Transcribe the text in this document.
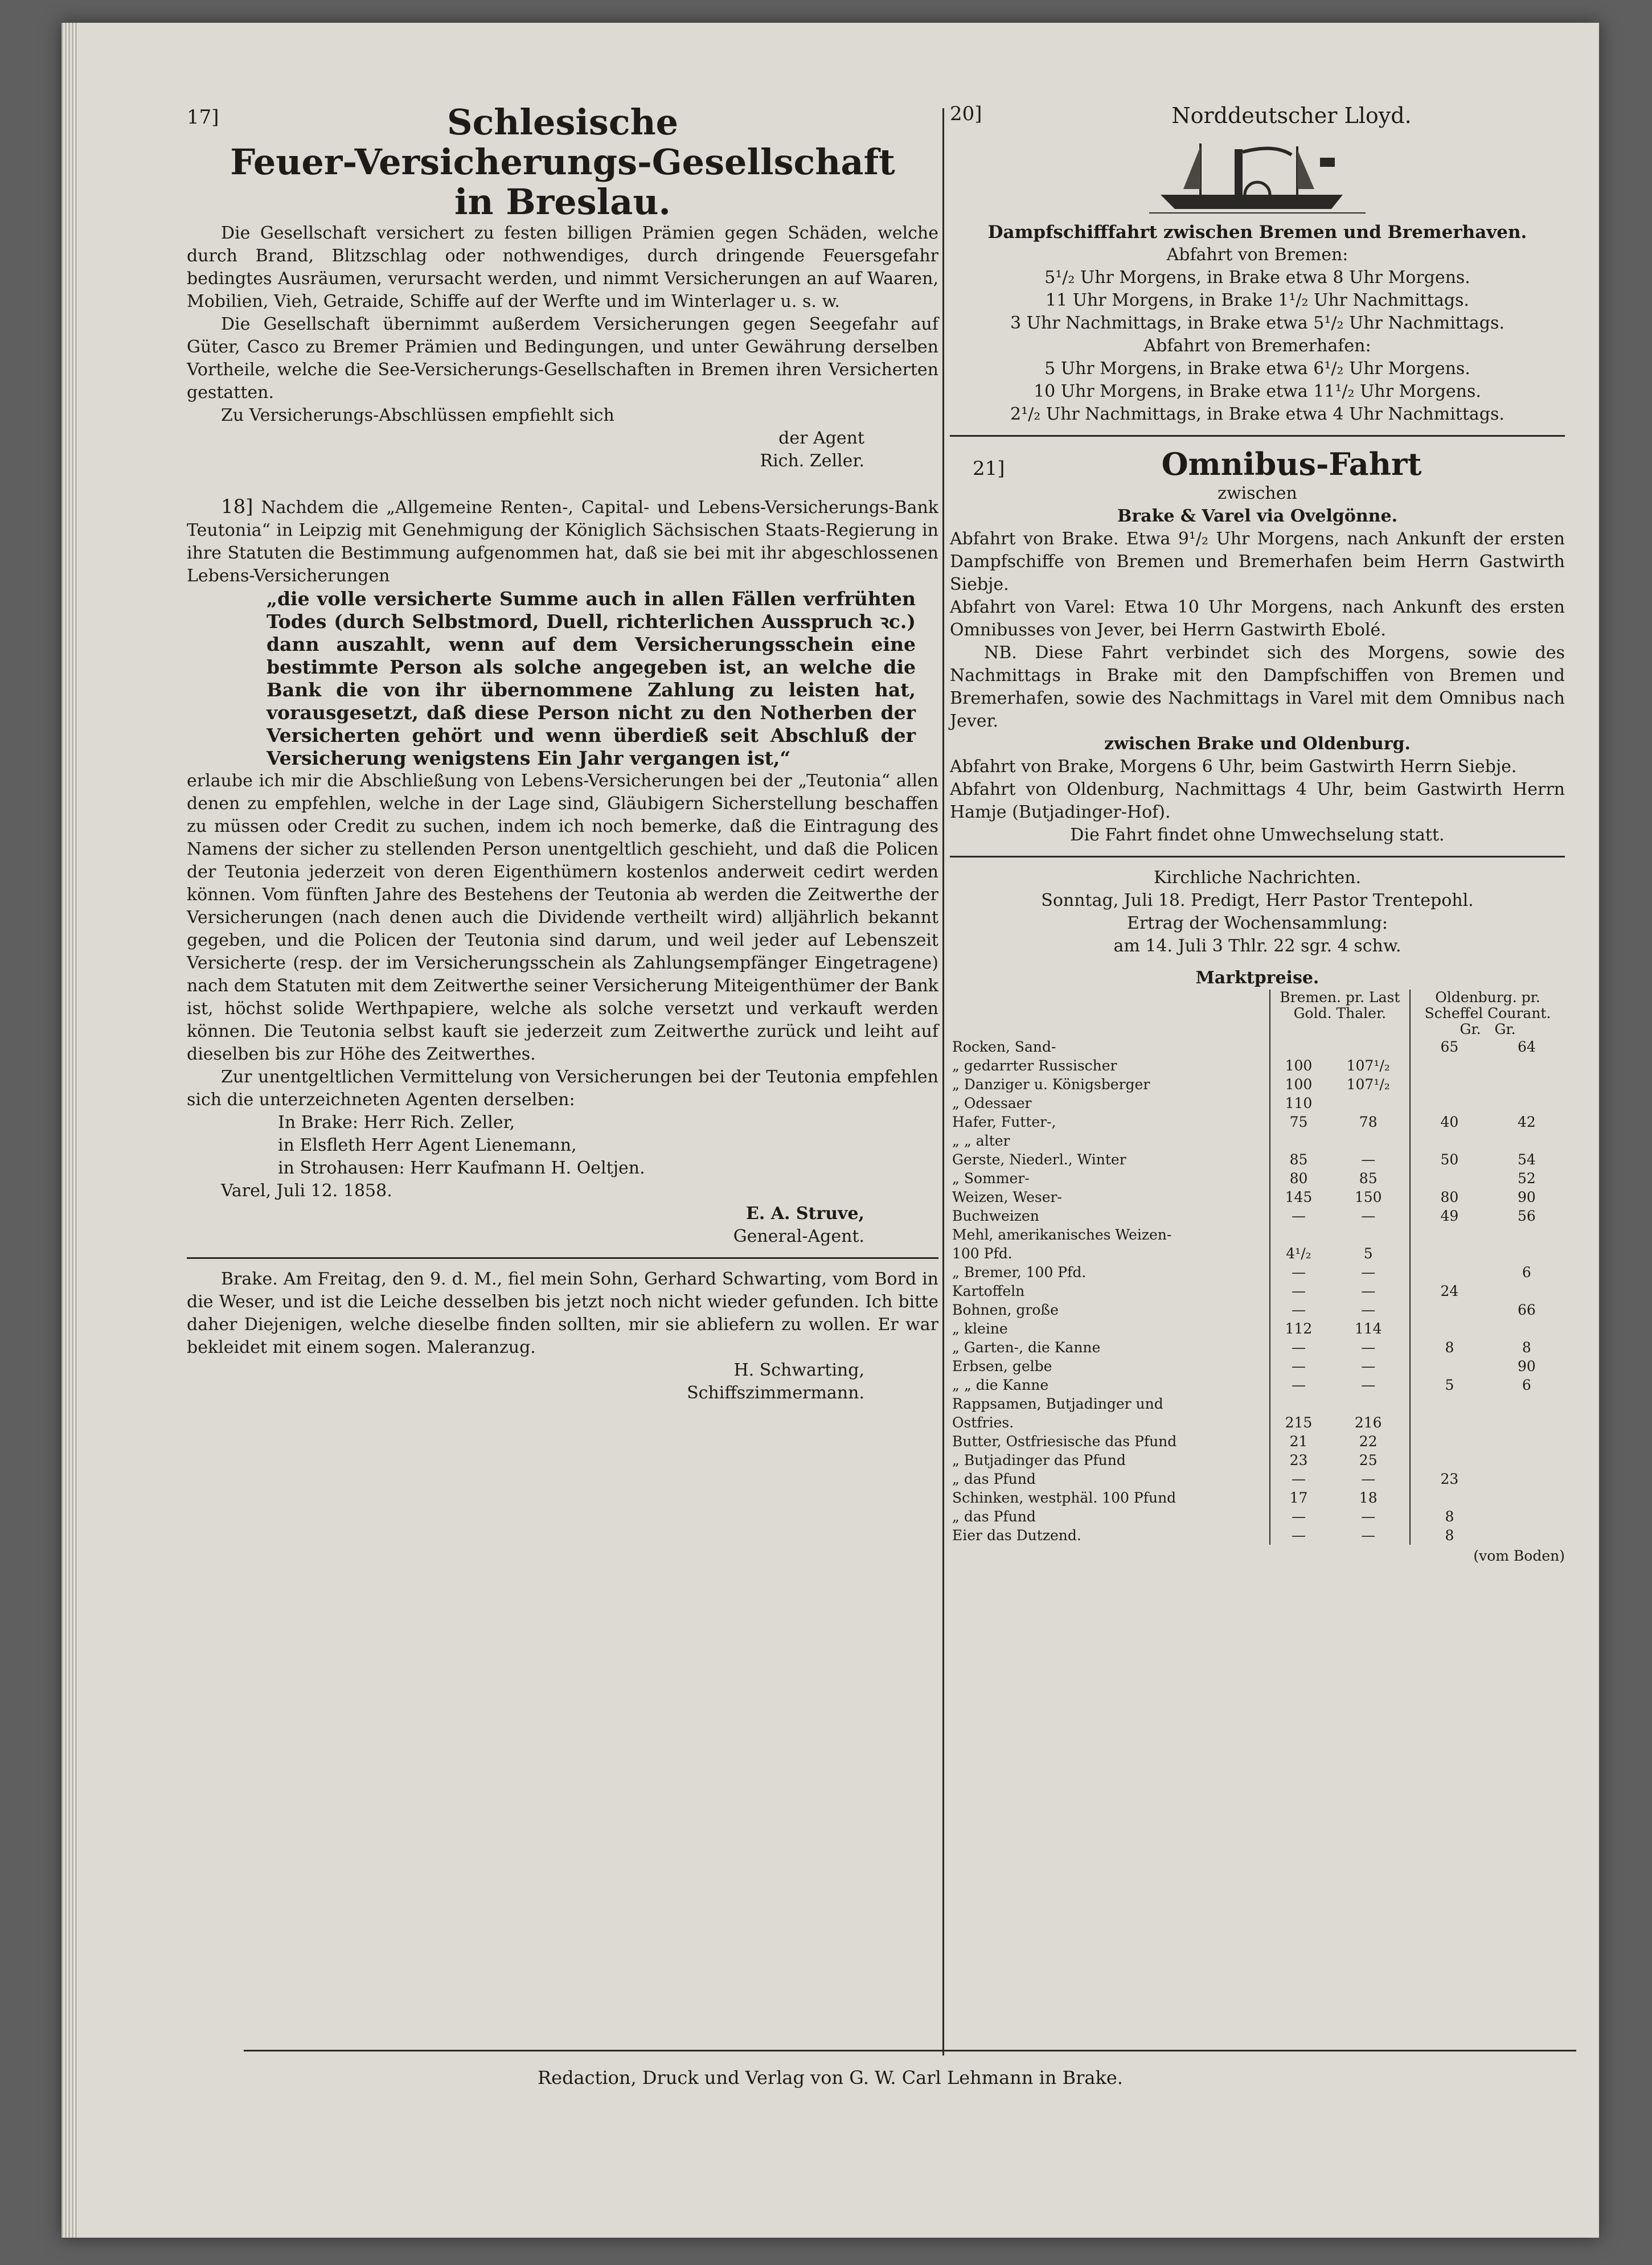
17]	Schlesische
Feuer-Versicherungs-Gesellschaft
in Breslau.

Die Gesellschaft versichert zu festen billigen Prämien gegen Schäden, welche durch Brand, Blitzschlag oder nothwendiges, durch dringende Feuersgefahr bedingtes Ausräumen, verursacht werden, und nimmt Versicherungen an auf Waaren, Mobilien, Vieh, Getraide, Schiffe auf der Werfte und im Winterlager u. s. w.

Die Gesellschaft übernimmt außerdem Versicherungen gegen Seegefahr auf Güter, Casco zu Bremer Prämien und Bedingungen, und unter Gewährung derselben Vortheile, welche die See-Versicherungs-Gesellschaften in Bremen ihren Versicherten gestatten.

Zu Versicherungs-Abschlüssen empfiehlt sich

der Agent
Rich. Zeller.

18] Nachdem die „Allgemeine Renten-, Capital- und Lebens-Versicherungs-Bank Teutonia“ in Leipzig mit Genehmigung der Königlich Sächsischen Staats-Regierung in ihre Statuten die Bestimmung aufgenommen hat, daß sie bei mit ihr abgeschlossenen Lebens-Versicherungen

„die volle versicherte Summe auch in allen Fällen verfrühten Todes (durch Selbstmord, Duell, richterlichen Ausspruch ꝛc.) dann auszahlt, wenn auf dem Versicherungsschein eine bestimmte Person als solche angegeben ist, an welche die Bank die von ihr übernommene Zahlung zu leisten hat, vorausgesetzt, daß diese Person nicht zu den Notherben der Versicherten gehört und wenn überdieß seit Abschluß der Versicherung wenigstens Ein Jahr vergangen ist,“

erlaube ich mir die Abschließung von Lebens-Versicherungen bei der „Teutonia“ allen denen zu empfehlen, welche in der Lage sind, Gläubigern Sicherstellung beschaffen zu müssen oder Credit zu suchen, indem ich noch bemerke, daß die Eintragung des Namens der sicher zu stellenden Person unentgeltlich geschieht, und daß die Policen der Teutonia jederzeit von deren Eigenthümern kostenlos anderweit cedirt werden können. Vom fünften Jahre des Bestehens der Teutonia ab werden die Zeitwerthe der Versicherungen (nach denen auch die Dividende vertheilt wird) alljährlich bekannt gegeben, und die Policen der Teutonia sind darum, und weil jeder auf Lebenszeit Versicherte (resp. der im Versicherungsschein als Zahlungsempfänger Eingetragene) nach dem Statuten mit dem Zeitwerthe seiner Versicherung Miteigenthümer der Bank ist, höchst solide Werthpapiere, welche als solche versetzt und verkauft werden können. Die Teutonia selbst kauft sie jederzeit zum Zeitwerthe zurück und leiht auf dieselben bis zur Höhe des Zeitwerthes.

Zur unentgeltlichen Vermittelung von Versicherungen bei der Teutonia empfehlen sich die unterzeichneten Agenten derselben:

In Brake: Herr Rich. Zeller,
in Elsfleth Herr Agent Lienemann,
in Strohausen: Herr Kaufmann H. Oeltjen.
Varel, Juli 12. 1858.
E. A. Struve,
General-Agent.

Brake. Am Freitag, den 9. d. M., fiel mein Sohn, Gerhard Schwarting, vom Bord in die Weser, und ist die Leiche desselben bis jetzt noch nicht wieder gefunden. Ich bitte daher Diejenigen, welche dieselbe finden sollten, mir sie abliefern zu wollen. Er war bekleidet mit einem sogen. Maleranzug.

H. Schwarting,
Schiffszimmermann.
20]	Norddeutscher Lloyd.
Dampfschifffahrt zwischen Bremen und Bremerhaven.
Abfahrt von Bremen:
5¹/₂ Uhr Morgens, in Brake etwa 8 Uhr Morgens.
11 Uhr Morgens, in Brake 1¹/₂ Uhr Nachmittags.
3 Uhr Nachmittags, in Brake etwa 5¹/₂ Uhr Nachmittags.
Abfahrt von Bremerhafen:
5 Uhr Morgens, in Brake etwa 6¹/₂ Uhr Morgens.
10 Uhr Morgens, in Brake etwa 11¹/₂ Uhr Morgens.
2¹/₂ Uhr Nachmittags, in Brake etwa 4 Uhr Nachmittags.
21]	Omnibus-Fahrt
zwischen
Brake & Varel via Ovelgönne.

Abfahrt von Brake. Etwa 9¹/₂ Uhr Morgens, nach Ankunft der ersten Dampfschiffe von Bremen und Bremerhafen beim Herrn Gastwirth Siebje.

Abfahrt von Varel: Etwa 10 Uhr Morgens, nach Ankunft des ersten Omnibusses von Jever, bei Herrn Gastwirth Ebolé.

NB. Diese Fahrt verbindet sich des Morgens, sowie des Nachmittags in Brake mit den Dampfschiffen von Bremen und Bremerhafen, sowie des Nachmittags in Varel mit dem Omnibus nach Jever.

zwischen Brake und Oldenburg.

Abfahrt von Brake, Morgens 6 Uhr, beim Gastwirth Herrn Siebje.

Abfahrt von Oldenburg, Nachmittags 4 Uhr, beim Gastwirth Herrn Hamje (Butjadinger-Hof).

Die Fahrt findet ohne Umwechselung statt.
Kirchliche Nachrichten.
Sonntag, Juli 18. Predigt, Herr Pastor Trentepohl.
Ertrag der Wochensammlung:
am 14. Juli 3 Thlr. 22 sgr. 4 schw.
Marktpreise.
	Bremen. pr. Last Gold. Thaler.		Oldenburg. pr. Scheffel Courant.
Gr. Gr.	
Rocken, Sand-			65	64
„ gedarrter Russischer	100	107¹/₂		
„ Danziger u. Königsberger	100	107¹/₂		
„ Odessaer	110			
Hafer, Futter-,	75	78	40	42
„ „ alter				
Gerste, Niederl., Winter	85	—	50	54
„ Sommer-	80	85		52
Weizen, Weser-	145	150	80	90
Buchweizen	—	—	49	56
Mehl, amerikanisches Weizen-				
100 Pfd.	4¹/₂	5		
„ Bremer, 100 Pfd.	—	—		6
Kartoffeln	—	—	24	
Bohnen, große	—	—		66
„ kleine	112	114		
„ Garten-, die Kanne	—	—	8	8
Erbsen, gelbe	—	—		90
„ „ die Kanne	—	—	5	6
Rappsamen, Butjadinger und				
Ostfries.	215	216		
Butter, Ostfriesische das Pfund	21	22		
„ Butjadinger das Pfund	23	25		
„ das Pfund	—	—	23	
Schinken, westphäl. 100 Pfund	17	18		
„ das Pfund	—	—	8	
Eier das Dutzend.	—	—	8	
(vom Boden)
Redaction, Druck und Verlag von G. W. Carl Lehmann in Brake.
